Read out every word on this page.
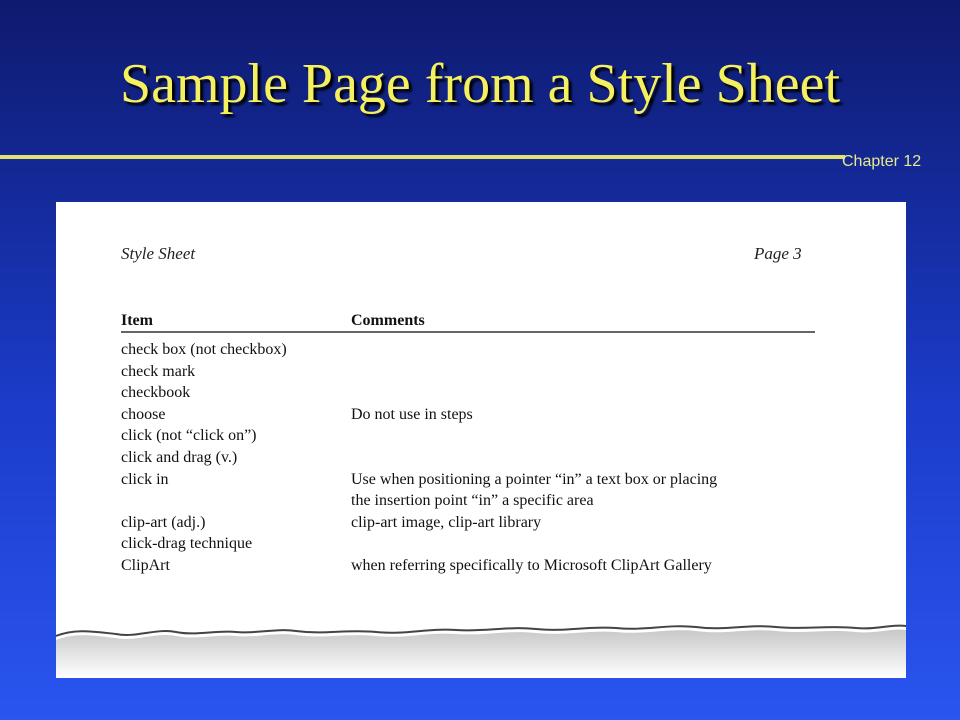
Sample Page from a Style Sheet
Chapter 12
Style Sheet	Page 3
Item	Comments
check box (not checkbox)
check mark
checkbook
choose	Do not use in steps
click (not “click on”)
click and drag (v.)
click in	Use when positioning a pointer “in” a text box or placing
the insertion point “in” a specific area
clip-art (adj.)	clip-art image, clip-art library
click-drag technique
ClipArt	when referring specifically to Microsoft ClipArt Gallery
